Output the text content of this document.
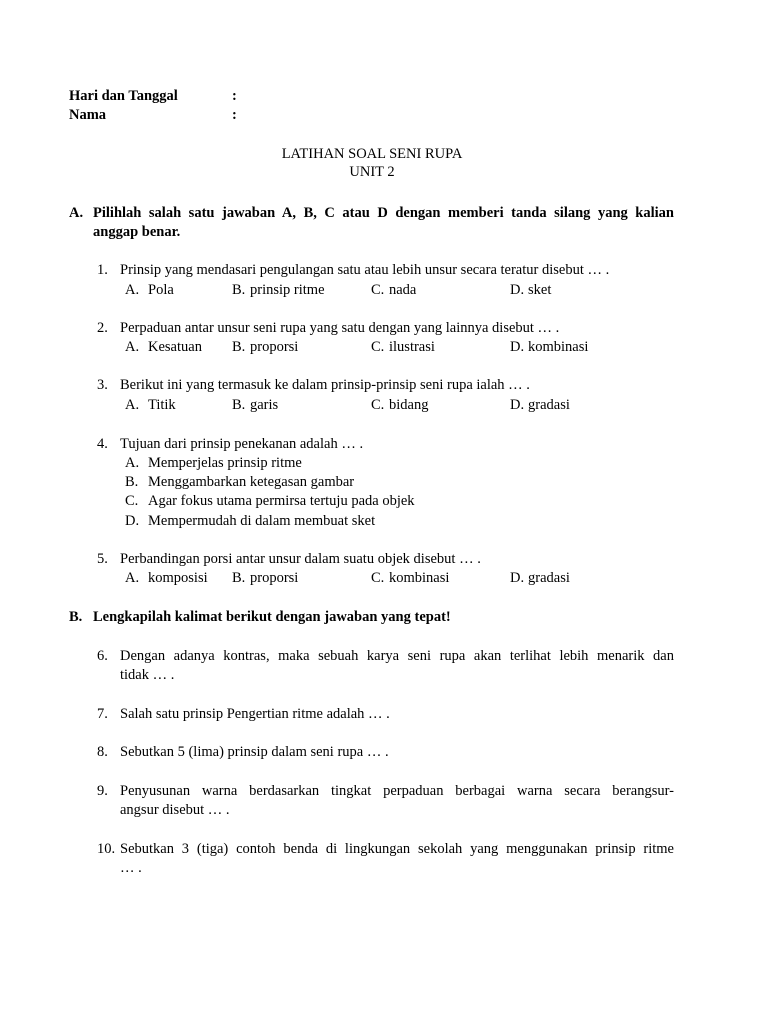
Hari dan Tanggal	:
Nama	:
LATIHAN SOAL SENI RUPA
UNIT 2
A. Pilihlah salah satu jawaban A, B, C atau D dengan memberi tanda silang yang kalian
anggap benar.
1. Prinsip yang mendasari pengulangan satu atau lebih unsur secara teratur disebut … .
A. Pola	B. prinsip ritme	C. nada	D. sket
2. Perpaduan antar unsur seni rupa yang satu dengan yang lainnya disebut … .
A. Kesatuan B. proporsi	C. ilustrasi	D. kombinasi
3. Berikut ini yang termasuk ke dalam prinsip-prinsip seni rupa ialah … .
A. Titik	B. garis	C. bidang	D. gradasi
4. Tujuan dari prinsip penekanan adalah … .
A. Memperjelas prinsip ritme
B. Menggambarkan ketegasan gambar
C. Agar fokus utama permirsa tertuju pada objek
D. Mempermudah di dalam membuat sket
5. Perbandingan porsi antar unsur dalam suatu objek disebut … .
A. komposisi B. proporsi	C. kombinasi	D. gradasi
B. Lengkapilah kalimat berikut dengan jawaban yang tepat!
6. Dengan adanya kontras, maka sebuah karya seni rupa akan terlihat lebih menarik dan
tidak … .
7. Salah satu prinsip Pengertian ritme adalah … .
8. Sebutkan 5 (lima) prinsip dalam seni rupa … .
9. Penyusunan warna berdasarkan tingkat perpaduan berbagai warna secara berangsur-
angsur disebut … .
10. Sebutkan 3 (tiga) contoh benda di lingkungan sekolah yang menggunakan prinsip ritme
… .
